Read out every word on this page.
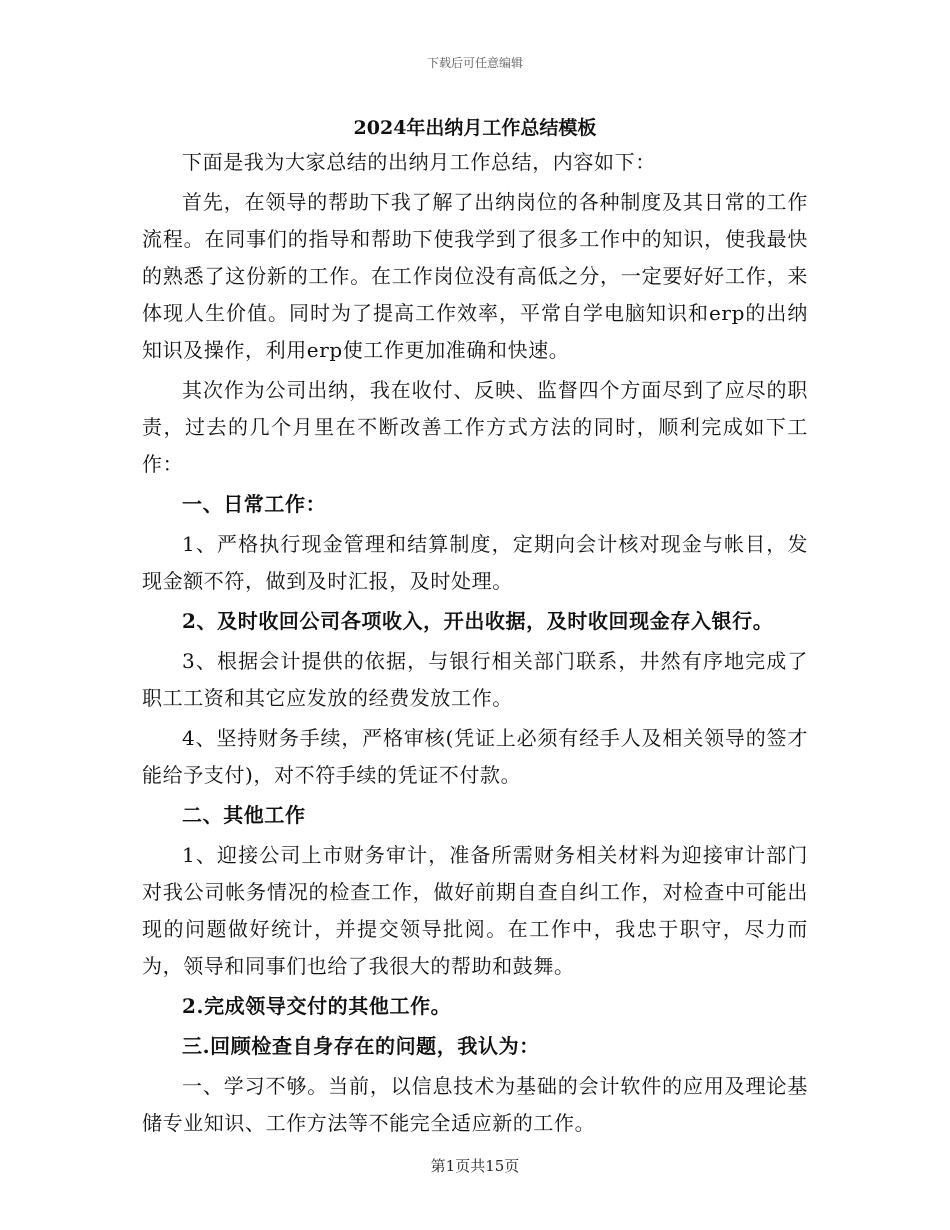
下载后可任意编辑
2024年出纳月工作总结模板

下面是我为大家总结的出纳月工作总结，内容如下：

首先，在领导的帮助下我了解了出纳岗位的各种制度及其日常的工作流程。在同事们的指导和帮助下使我学到了很多工作中的知识，使我最快的熟悉了这份新的工作。在工作岗位没有高低之分，一定要好好工作，来体现人生价值。同时为了提高工作效率，平常自学电脑知识和erp的出纳知识及操作，利用erp使工作更加准确和快速。

其次作为公司出纳，我在收付、反映、监督四个方面尽到了应尽的职责，过去的几个月里在不断改善工作方式方法的同时，顺利完成如下工作：

一、日常工作：

1、严格执行现金管理和结算制度，定期向会计核对现金与帐目，发现金额不符，做到及时汇报，及时处理。

2、及时收回公司各项收入，开出收据，及时收回现金存入银行。

3、根据会计提供的依据，与银行相关部门联系，井然有序地完成了职工工资和其它应发放的经费发放工作。

4、坚持财务手续，严格审核(凭证上必须有经手人及相关领导的签才能给予支付)，对不符手续的凭证不付款。

二、其他工作

1、迎接公司上市财务审计，准备所需财务相关材料为迎接审计部门对我公司帐务情况的检查工作，做好前期自查自纠工作，对检查中可能出现的问题做好统计，并提交领导批阅。在工作中，我忠于职守，尽力而为，领导和同事们也给了我很大的帮助和鼓舞。

2.完成领导交付的其他工作。

三.回顾检查自身存在的问题，我认为：

一、学习不够。当前，以信息技术为基础的会计软件的应用及理论基储专业知识、工作方法等不能完全适应新的工作。

第1页共15页
